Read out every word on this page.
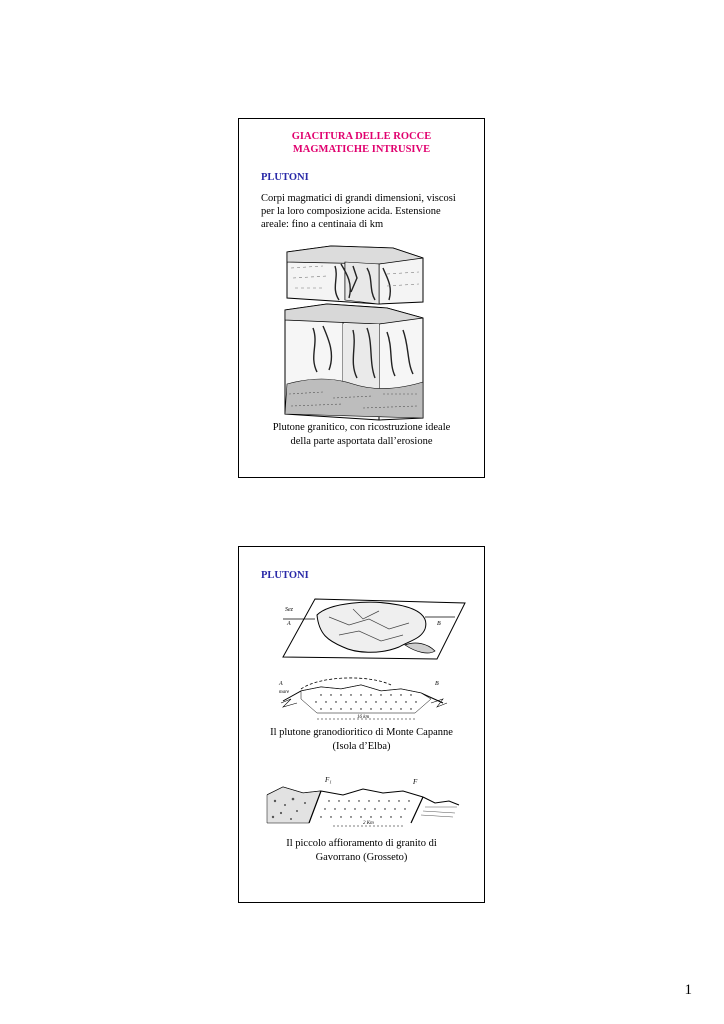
GIACITURA DELLE ROCCE
MAGMATICHE INTRUSIVE
PLUTONI
Corpi magmatici di grandi dimensioni, viscosi
per la loro composizione acida. Estensione
areale: fino a centinaia di km
Plutone granitico, con ricostruzione ideale
della parte asportata dall’erosione
PLUTONI
Sez
A	B
A	B
mare
16 km
Il plutone granodioritico di Monte Capanne
(Isola d’Elba)
F₁	F
2 Km
Il piccolo affioramento di granito di
Gavorrano (Grosseto)
1
